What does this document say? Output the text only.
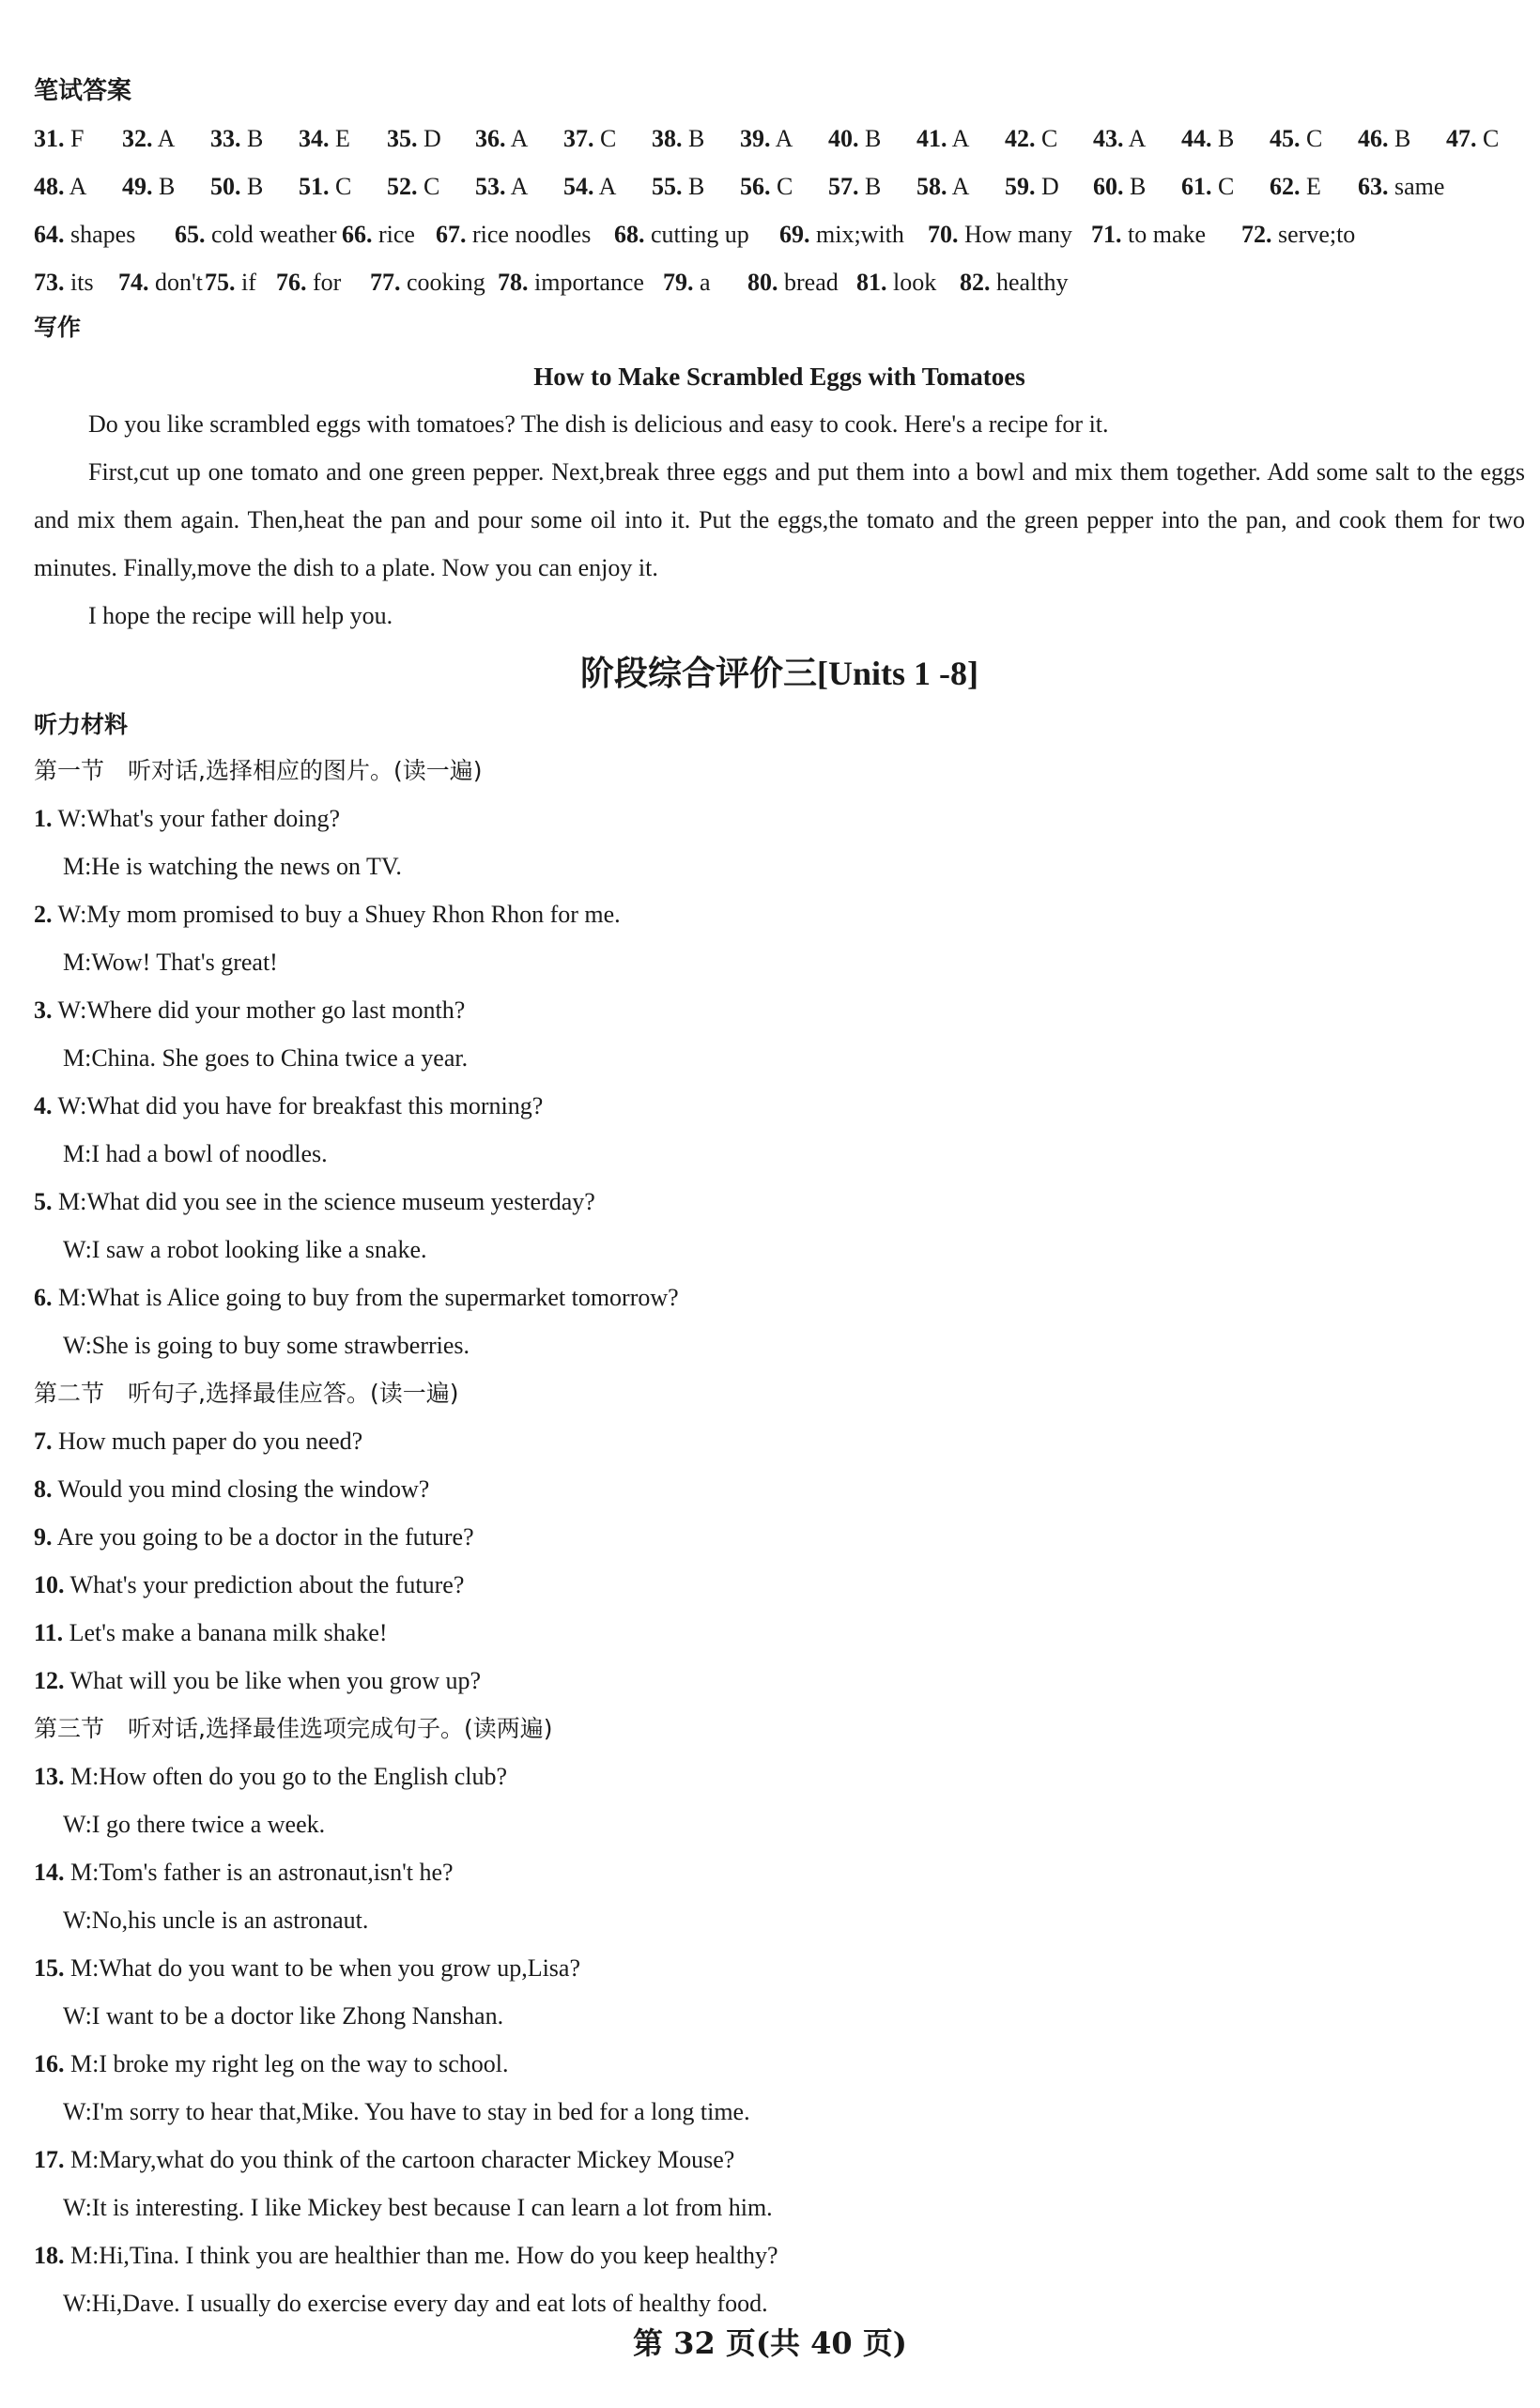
笔试答案
31. F 32. A 33. B 34. E 35. D 36. A 37. C 38. B 39. A 40. B 41. A 42. C 43. A 44. B 45. C 46. B 47. C
48. A 49. B 50. B 51. C 52. C 53. A 54. A 55. B 56. C 57. B 58. A 59. D 60. B 61. C 62. E 63. same
64. shapes 65. cold weather 66. rice 67. rice noodles 68. cutting up 69. mix;with 70. How many 71. to make 72. serve;to
73. its 74. don't75. if 76. for 77. cooking 78. importance 79. a 80. bread 81. look 82. healthy
写作
How to Make Scrambled Eggs with Tomatoes

Do you like scrambled eggs with tomatoes? The dish is delicious and easy to cook. Here's a recipe for it.

First,cut up one tomato and one green pepper. Next,break three eggs and put them into a bowl and mix them together. Add some salt to the eggs and mix them again. Then,heat the pan and pour some oil into it. Put the eggs,the tomato and the green pepper into the pan, and cook them for two minutes. Finally,move the dish to a plate. Now you can enjoy it.

I hope the recipe will help you.

阶段综合评价三[Units 1 -8]
听力材料
第一节　听对话,选择相应的图片。(读一遍)
1. W:What's your father doing?
M:He is watching the news on TV.
2. W:My mom promised to buy a Shuey Rhon Rhon for me.
M:Wow! That's great!
3. W:Where did your mother go last month?
M:China. She goes to China twice a year.
4. W:What did you have for breakfast this morning?
M:I had a bowl of noodles.
5. M:What did you see in the science museum yesterday?
W:I saw a robot looking like a snake.
6. M:What is Alice going to buy from the supermarket tomorrow?
W:She is going to buy some strawberries.
第二节　听句子,选择最佳应答。(读一遍)
7. How much paper do you need?
8. Would you mind closing the window?
9. Are you going to be a doctor in the future?
10. What's your prediction about the future?
11. Let's make a banana milk shake!
12. What will you be like when you grow up?
第三节　听对话,选择最佳选项完成句子。(读两遍)
13. M:How often do you go to the English club?
W:I go there twice a week.
14. M:Tom's father is an astronaut,isn't he?
W:No,his uncle is an astronaut.
15. M:What do you want to be when you grow up,Lisa?
W:I want to be a doctor like Zhong Nanshan.
16. M:I broke my right leg on the way to school.
W:I'm sorry to hear that,Mike. You have to stay in bed for a long time.
17. M:Mary,what do you think of the cartoon character Mickey Mouse?
W:It is interesting. I like Mickey best because I can learn a lot from him.
18. M:Hi,Tina. I think you are healthier than me. How do you keep healthy?
W:Hi,Dave. I usually do exercise every day and eat lots of healthy food.
第 32 页(共 40 页)
